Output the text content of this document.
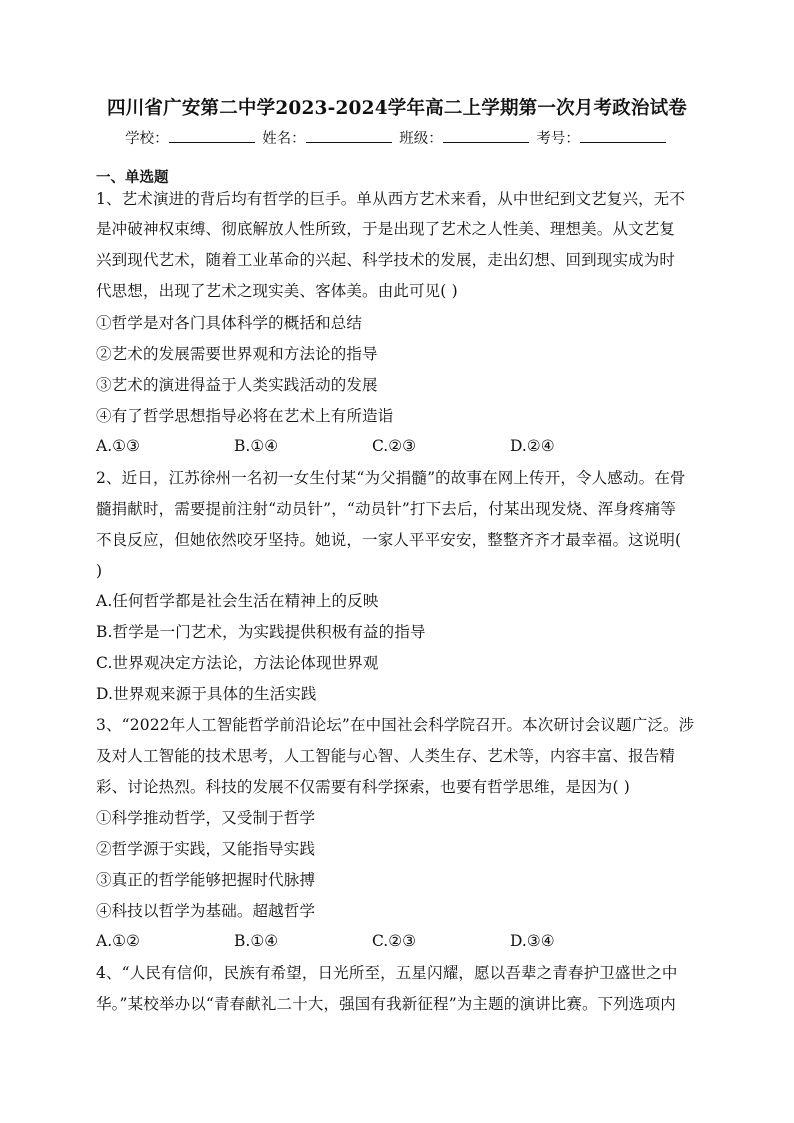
四川省广安第二中学2023-2024学年高二上学期第一次月考政治试卷
学校：	姓名：	班级：	考号：
一、单选题
1、艺术演进的背后均有哲学的巨手。单从西方艺术来看，从中世纪到文艺复兴，无不
是冲破神权束缚、彻底解放人性所致，于是出现了艺术之人性美、理想美。从文艺复
兴到现代艺术，随着工业革命的兴起、科学技术的发展，走出幻想、回到现实成为时
代思想，出现了艺术之现实美、客体美。由此可见( )
①哲学是对各门具体科学的概括和总结
②艺术的发展需要世界观和方法论的指导
③艺术的演进得益于人类实践活动的发展
④有了哲学思想指导必将在艺术上有所造诣
A.①③	B.①④	C.②③	D.②④
2、近日，江苏徐州一名初一女生付某“为父捐髓”的故事在网上传开，令人感动。在骨
髓捐献时，需要提前注射“动员针”，“动员针”打下去后，付某出现发烧、浑身疼痛等
不良反应，但她依然咬牙坚持。她说，一家人平平安安，整整齐齐才最幸福。这说明(
)
A.任何哲学都是社会生活在精神上的反映
B.哲学是一门艺术，为实践提供积极有益的指导
C.世界观决定方法论，方法论体现世界观
D.世界观来源于具体的生活实践
3、“2022年人工智能哲学前沿论坛”在中国社会科学院召开。本次研讨会议题广泛。涉
及对人工智能的技术思考，人工智能与心智、人类生存、艺术等，内容丰富、报告精
彩、讨论热烈。科技的发展不仅需要有科学探索，也要有哲学思维，是因为( )
①科学推动哲学，又受制于哲学
②哲学源于实践，又能指导实践
③真正的哲学能够把握时代脉搏
④科技以哲学为基础。超越哲学
A.①②	B.①④	C.②③	D.③④
4、“人民有信仰，民族有希望，日光所至，五星闪耀，愿以吾辈之青春护卫盛世之中
华。”某校举办以“青春献礼二十大，强国有我新征程”为主题的演讲比赛。下列选项内
